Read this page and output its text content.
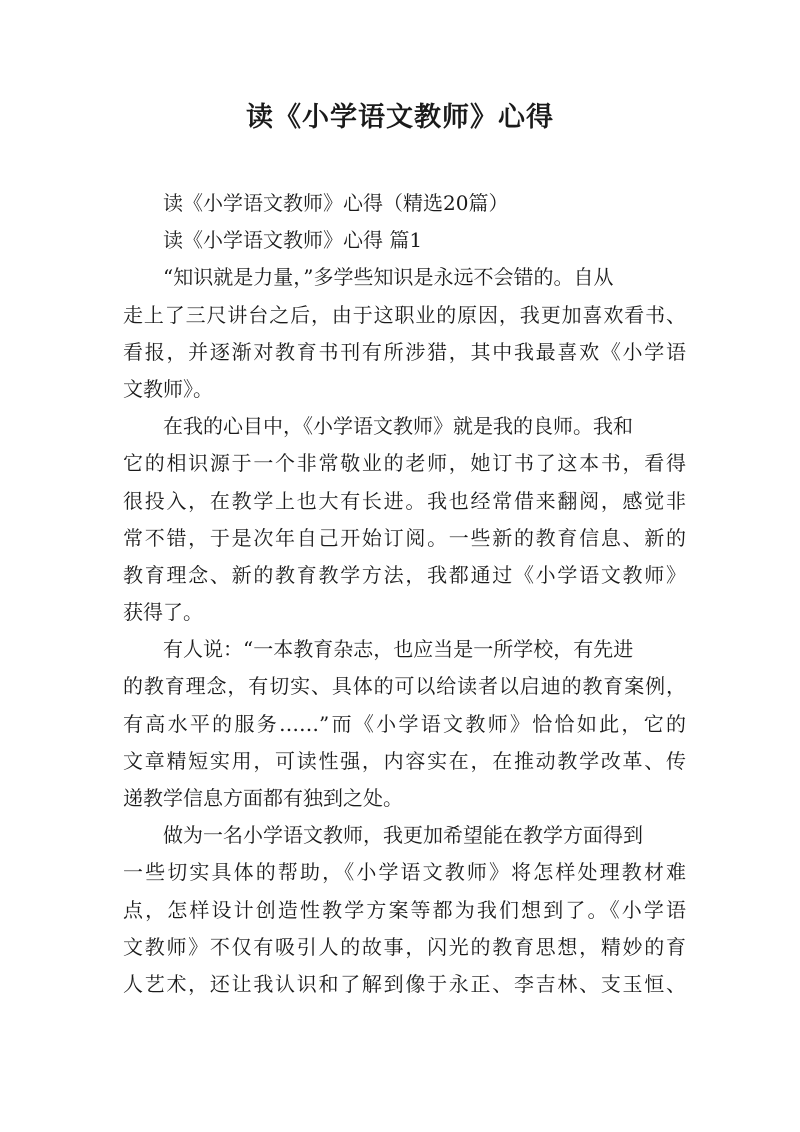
读《小学语文教师》心得

读《小学语文教师》心得（精选20篇）

读《小学语文教师》心得 篇1

“知识就是力量，”多学些知识是永远不会错的。自从

走上了三尺讲台之后，由于这职业的原因，我更加喜欢看书、

看报，并逐渐对教育书刊有所涉猎，其中我最喜欢《小学语

文教师》。

在我的心目中，《小学语文教师》就是我的良师。我和

它的相识源于一个非常敬业的老师，她订书了这本书，看得

很投入，在教学上也大有长进。我也经常借来翻阅，感觉非

常不错，于是次年自己开始订阅。一些新的教育信息、新的

教育理念、新的教育教学方法，我都通过《小学语文教师》

获得了。

有人说：“一本教育杂志，也应当是一所学校，有先进

的教育理念，有切实、具体的可以给读者以启迪的教育案例，

有高水平的服务……”而《小学语文教师》恰恰如此，它的

文章精短实用，可读性强，内容实在，在推动教学改革、传

递教学信息方面都有独到之处。

做为一名小学语文教师，我更加希望能在教学方面得到

一些切实具体的帮助，《小学语文教师》将怎样处理教材难

点，怎样设计创造性教学方案等都为我们想到了。《小学语

文教师》不仅有吸引人的故事，闪光的教育思想，精妙的育

人艺术，还让我认识和了解到像于永正、李吉林、支玉恒、
